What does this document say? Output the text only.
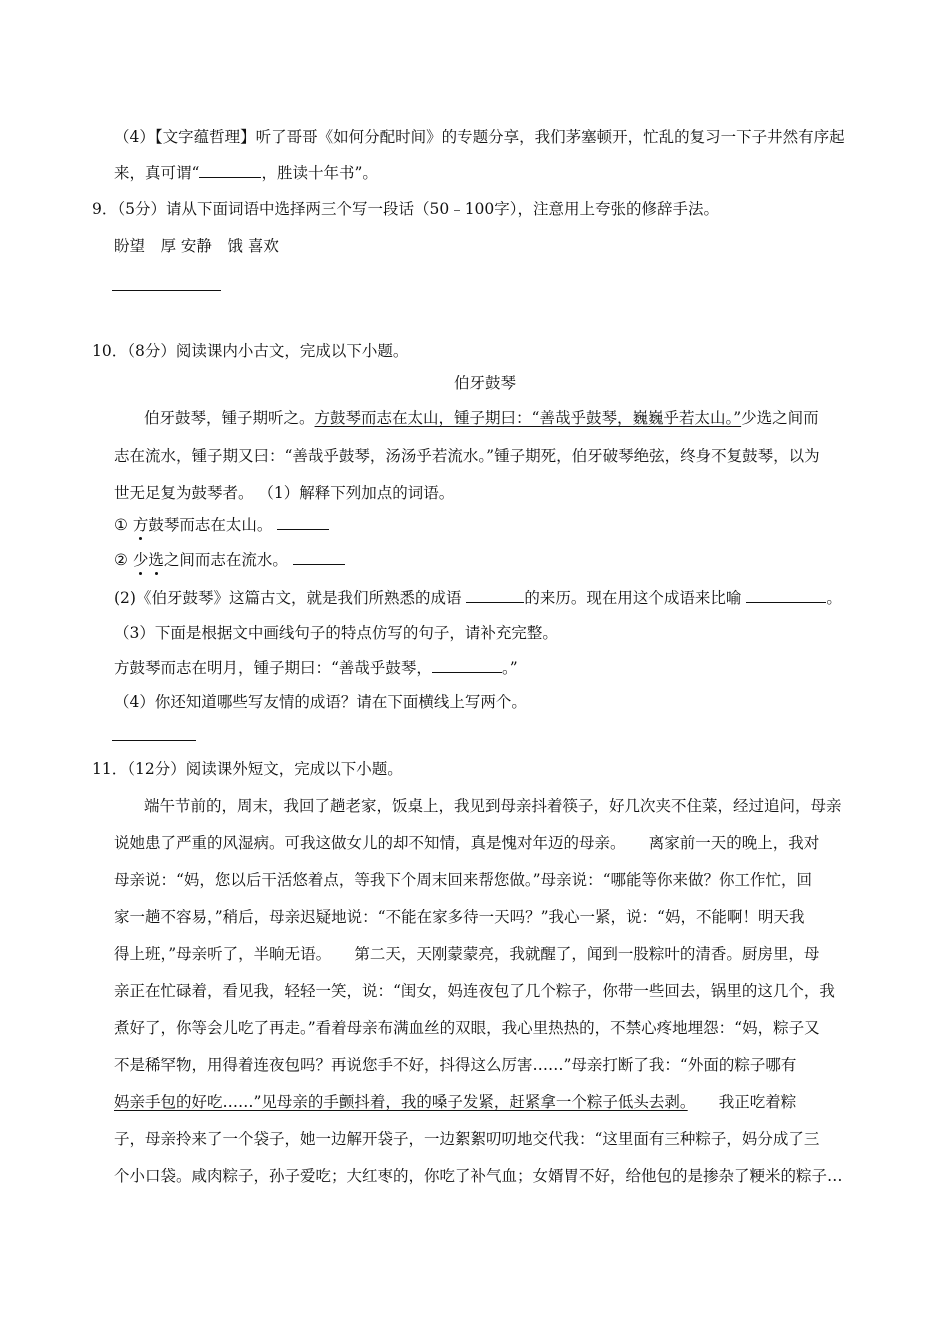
（4）【文字蕴哲理】听了哥哥《如何分配时间》的专题分享，我们茅塞顿开，忙乱的复习一下子井然有序起
来，真可谓“	，胜读十年书”。
9．（5分）请从下面词语中选择两三个写一段话（50﹣100字），注意用上夸张的修辞手法。
盼望　厚 安静　饿 喜欢
10．（8分）阅读课内小古文，完成以下小题。
伯牙鼓琴
伯牙鼓琴，锺子期听之。方鼓琴而志在太山，锺子期曰：“善哉乎鼓琴，巍巍乎若太山。”少选之间而
志在流水，锺子期又曰：“善哉乎鼓琴，汤汤乎若流水。”锺子期死，伯牙破琴绝弦，终身不复鼓琴，以为
世无足复为鼓琴者。 （1）解释下列加点的词语。
① 方鼓琴而志在太山。
② 少选之间而志在流水。
(2)《伯牙鼓琴》这篇古文，就是我们所熟悉的成语	的来历。现在用这个成语来比喻	。
（3）下面是根据文中画线句子的特点仿写的句子，请补充完整。
方鼓琴而志在明月，锺子期曰：“善哉乎鼓琴，	。”
（4）你还知道哪些写友情的成语？请在下面横线上写两个。
11．（12分）阅读课外短文，完成以下小题。
端午节前的，周末，我回了趟老家，饭桌上，我见到母亲抖着筷子，好几次夹不住菜，经过追问，母亲
说她患了严重的风湿病。可我这做女儿的却不知情，真是愧对年迈的母亲。　　离家前一天的晚上，我对
母亲说：“妈，您以后干活悠着点，等我下个周末回来帮您做。”母亲说：“哪能等你来做？你工作忙，回
家一趟不容易，”稍后，母亲迟疑地说：“不能在家多待一天吗？”我心一紧，说：“妈，不能啊！明天我
得上班，”母亲听了，半晌无语。　　第二天，天刚蒙蒙亮，我就醒了，闻到一股粽叶的清香。厨房里，母
亲正在忙碌着，看见我，轻轻一笑，说：“闺女，妈连夜包了几个粽子，你带一些回去，锅里的这几个，我
煮好了，你等会儿吃了再走。”看着母亲布满血丝的双眼，我心里热热的，不禁心疼地埋怨：“妈，粽子又
不是稀罕物，用得着连夜包吗？再说您手不好，抖得这么厉害……”母亲打断了我：“外面的粽子哪有
妈亲手包的好吃……”见母亲的手颤抖着，我的嗓子发紧，赶紧拿一个粽子低头去剥。　　我正吃着粽
子，母亲拎来了一个袋子，她一边解开袋子，一边絮絮叨叨地交代我：“这里面有三种粽子，妈分成了三
个小口袋。咸肉粽子，孙子爱吃；大红枣的，你吃了补气血；女婿胃不好，给他包的是掺杂了粳米的粽子…
